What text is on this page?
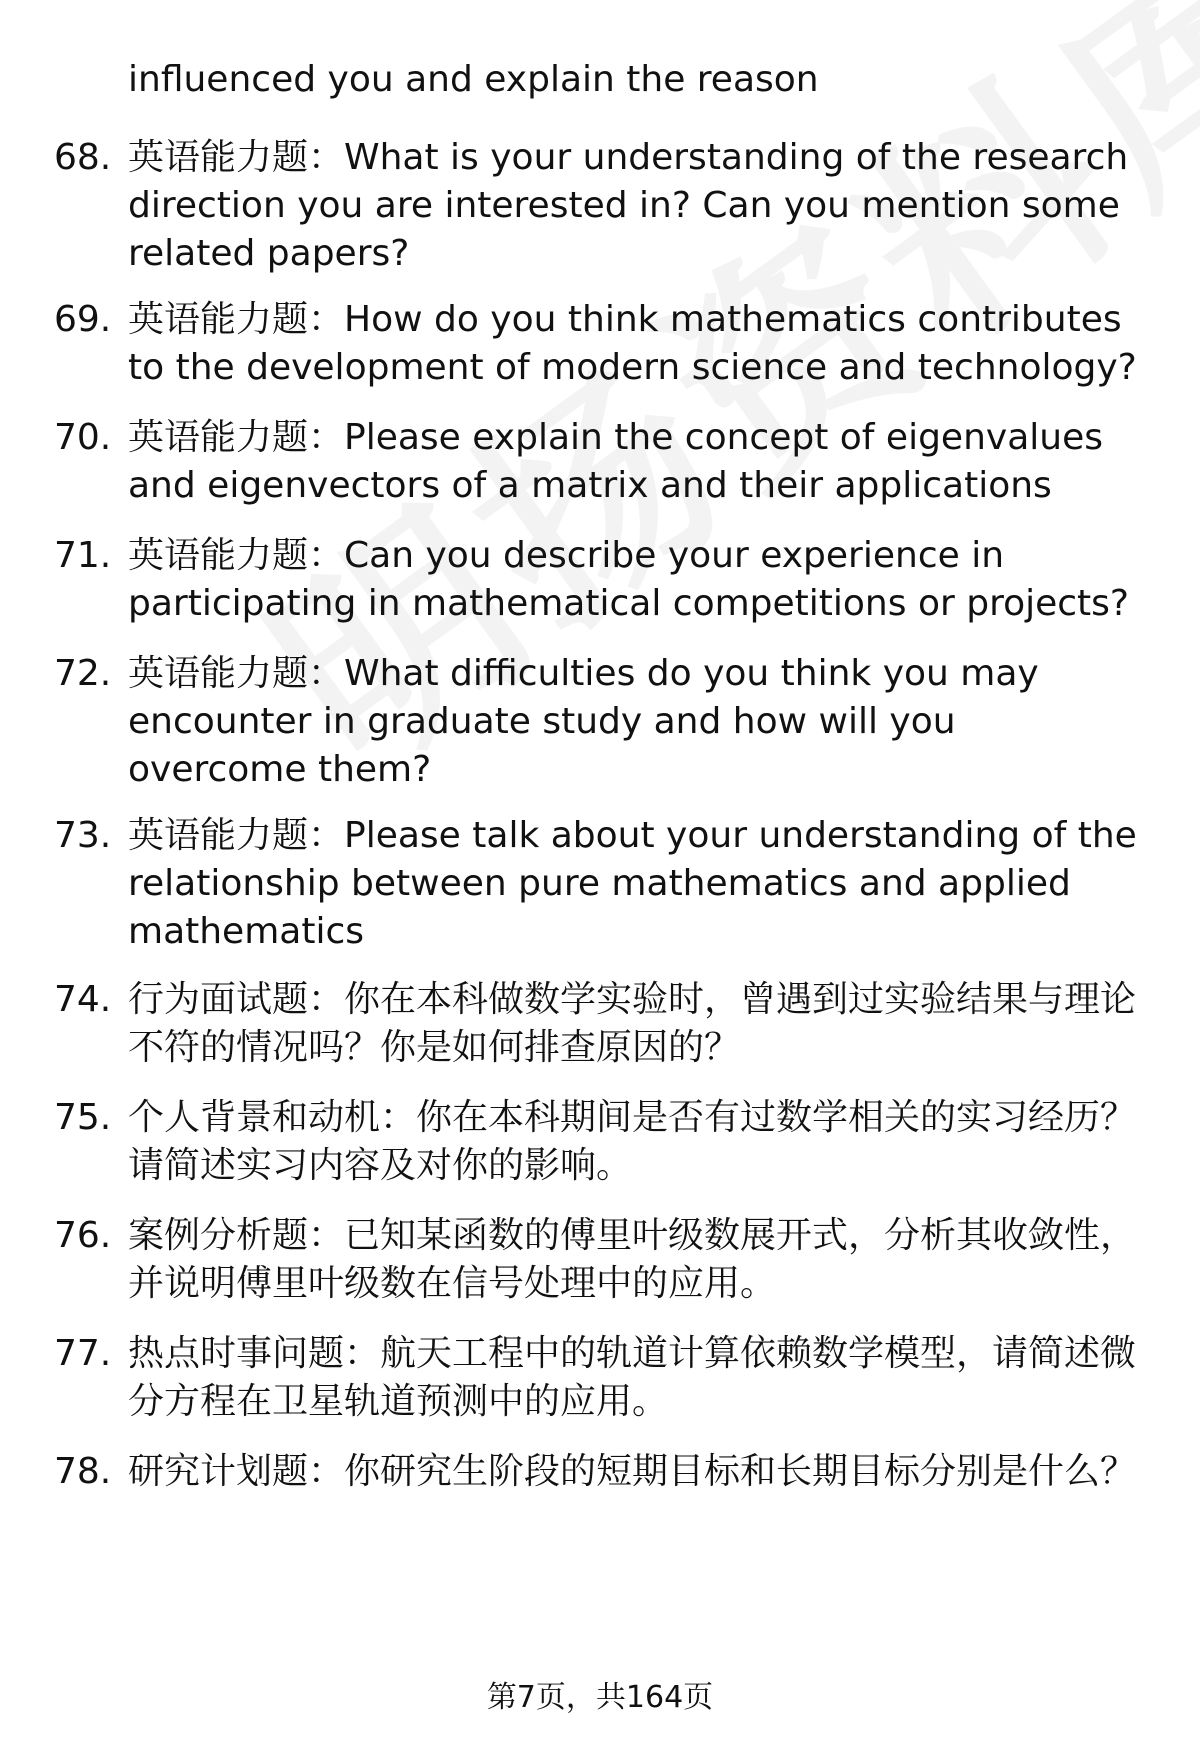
influenced you and explain the reason
68. 英语能力题：What is your understanding of the research direction you are interested in? Can you mention some related papers?
69. 英语能力题：How do you think mathematics contributes to the development of modern science and technology?
70. 英语能力题：Please explain the concept of eigenvalues and eigenvectors of a matrix and their applications
71. 英语能力题：Can you describe your experience in participating in mathematical competitions or projects?
72. 英语能力题：What difficulties do you think you may encounter in graduate study and how will you overcome them?
73. 英语能力题：Please talk about your understanding of the relationship between pure mathematics and applied mathematics
74. 行为面试题：你在本科做数学实验时，曾遇到过实验结果与理论不符的情况吗？你是如何排查原因的？
75. 个人背景和动机：你在本科期间是否有过数学相关的实习经历？请简述实习内容及对你的影响。
76. 案例分析题：已知某函数的傅里叶级数展开式，分析其收敛性，并说明傅里叶级数在信号处理中的应用。
77. 热点时事问题：航天工程中的轨道计算依赖数学模型，请简述微分方程在卫星轨道预测中的应用。
78. 研究计划题：你研究生阶段的短期目标和长期目标分别是什么？
第7页，共164页
